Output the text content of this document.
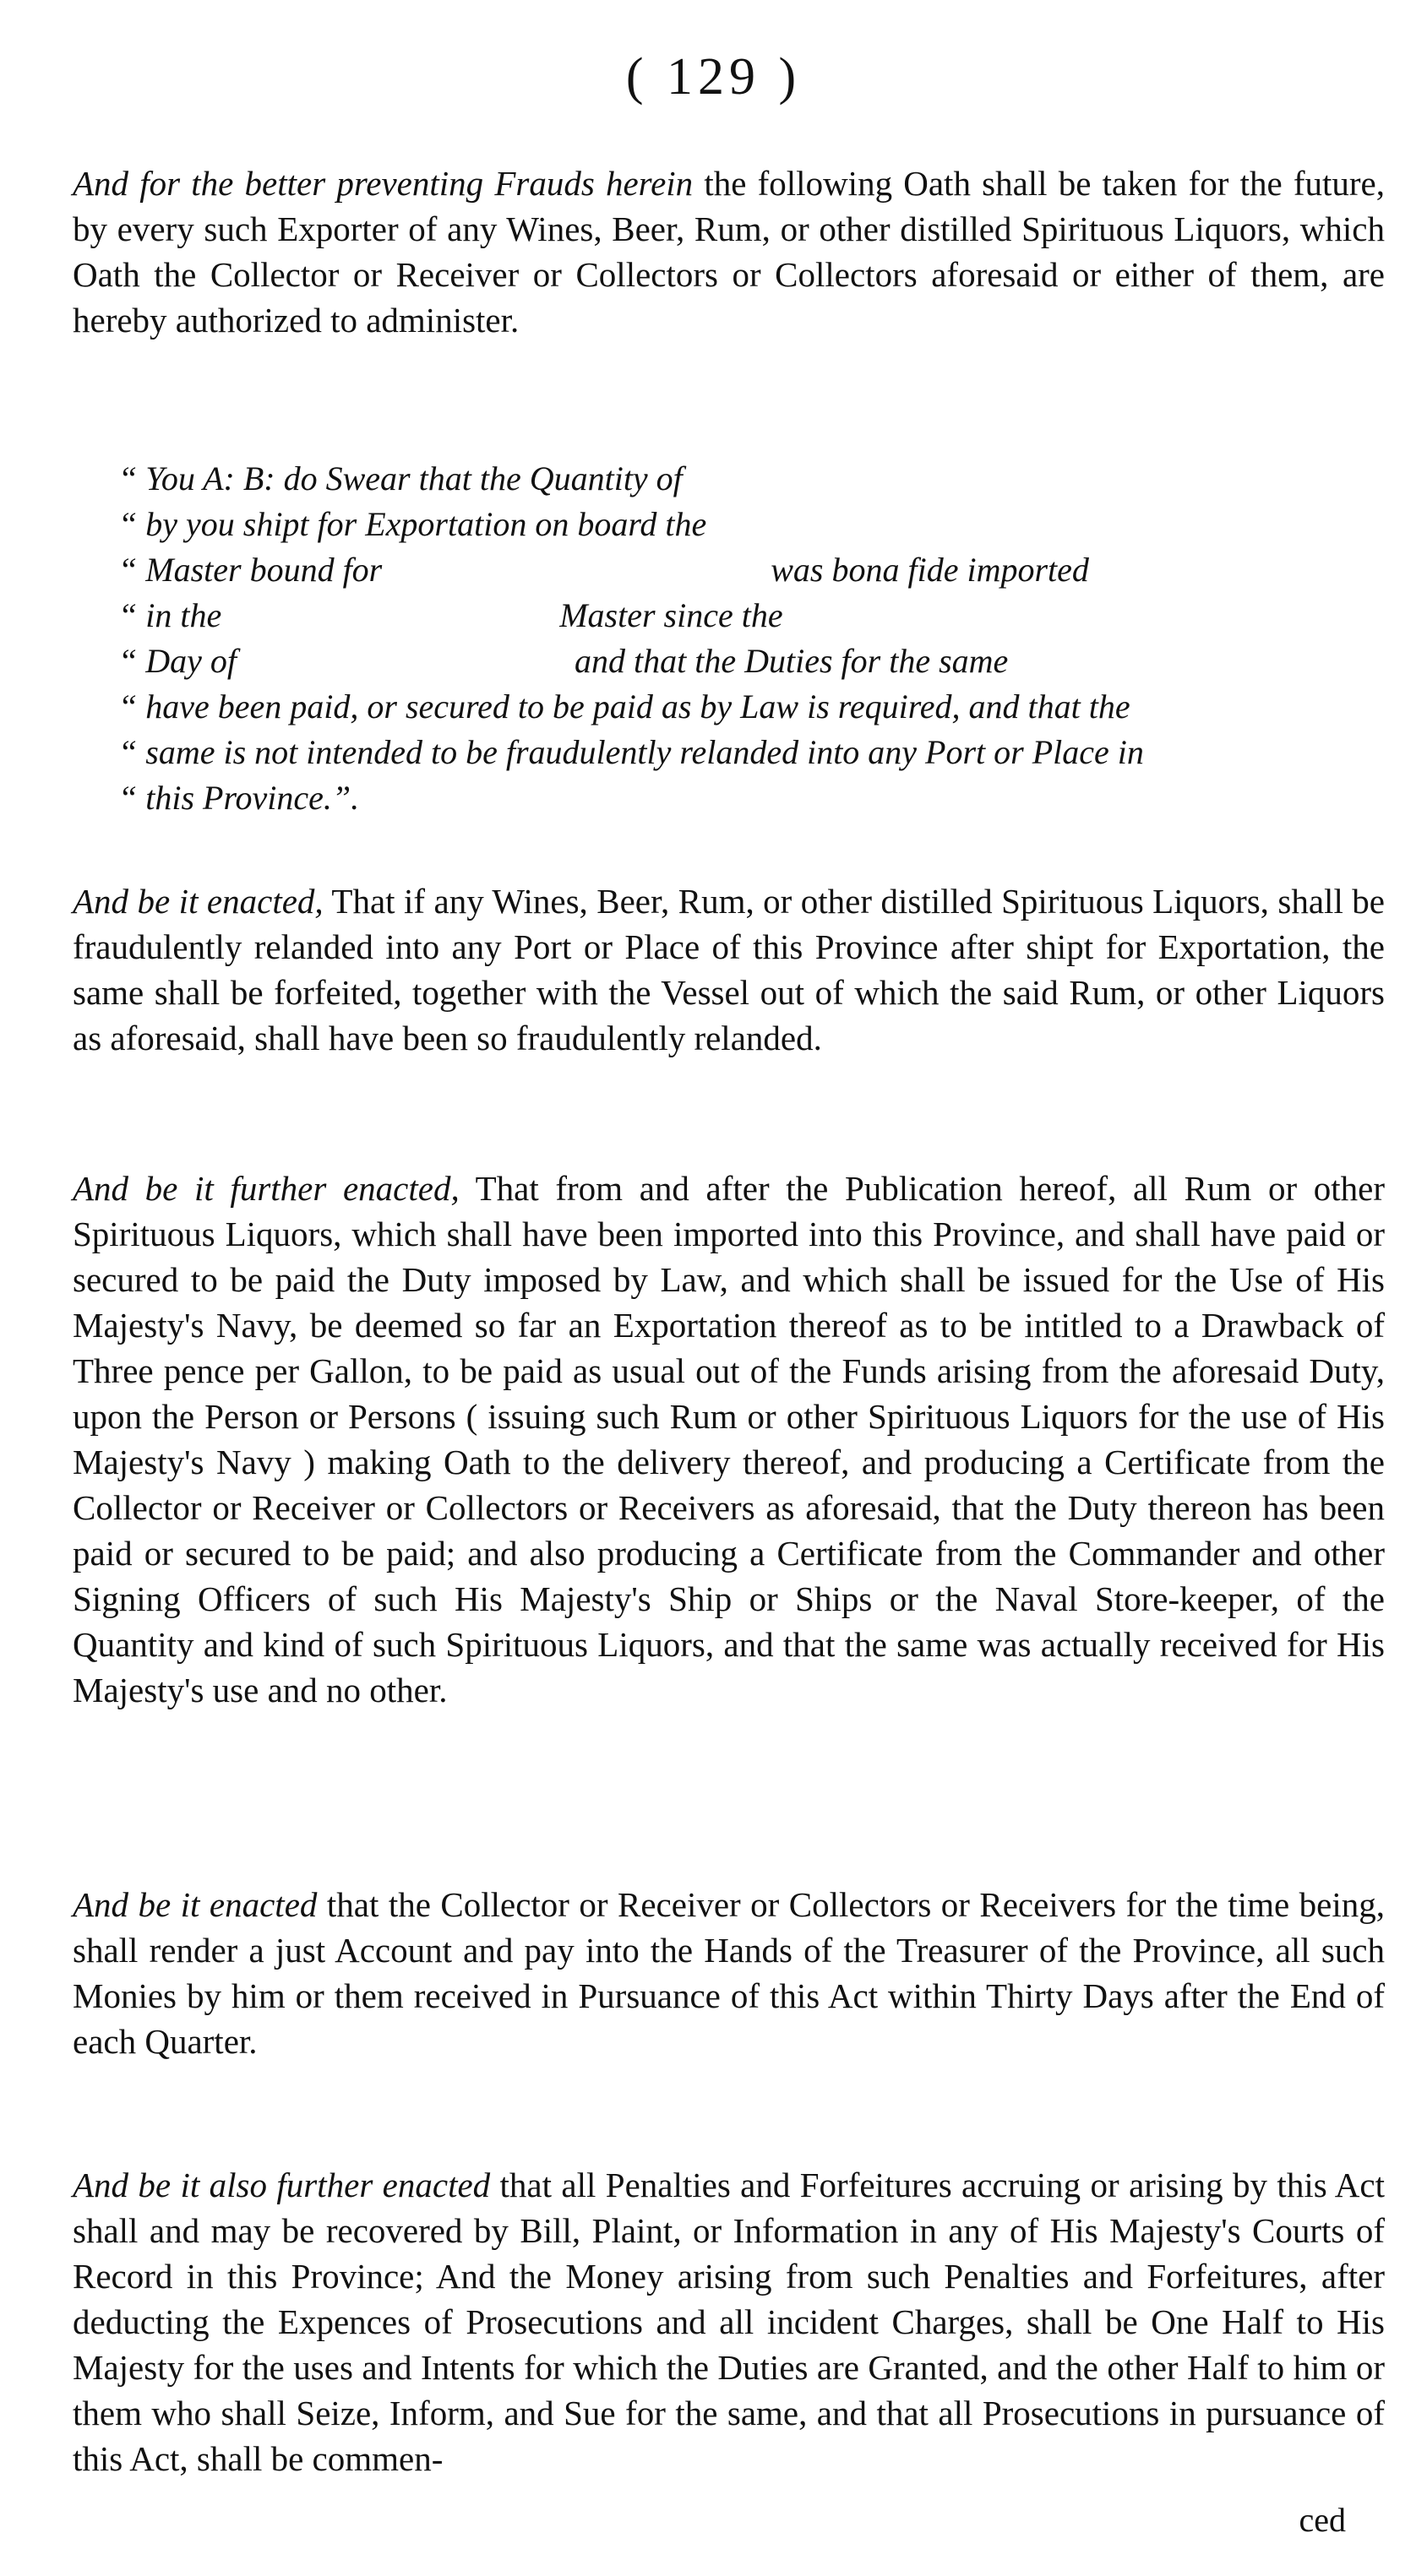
( 129 )

And for the better preventing Frauds herein the following Oath shall be taken for the future, by every such Exporter of any Wines, Beer, Rum, or other distilled Spirituous Liquors, which Oath the Collector or Receiver or Collectors or Collectors aforesaid or either of them, are hereby authorized to administer.

“ You A: B: do Swear that the Quantity of
“ by you shipt for Exportation on board the
“ Master bound for                                              was bona fide imported
“ in the                                        Master since the
“ Day of                                        and that the Duties for the same
“ have been paid, or secured to be paid as by Law is required, and that the
“ same is not intended to be fraudulently relanded into any Port or Place in
“ this Province.”.

And be it enacted, That if any Wines, Beer, Rum, or other distilled Spirituous Liquors, shall be fraudulently relanded into any Port or Place of this Province after shipt for Exportation, the same shall be forfeited, together with the Vessel out of which the said Rum, or other Liquors as aforesaid, shall have been so fraudulently relanded.

And be it further enacted, That from and after the Publication hereof, all Rum or other Spirituous Liquors, which shall have been imported into this Province, and shall have paid or secured to be paid the Duty imposed by Law, and which shall be issued for the Use of His Majesty's Navy, be deemed so far an Exportation thereof as to be intitled to a Drawback of Three pence per Gallon, to be paid as usual out of the Funds arising from the aforesaid Duty, upon the Person or Persons ( issuing such Rum or other Spirituous Liquors for the use of His Majesty's Navy ) making Oath to the delivery thereof, and producing a Certificate from the Collector or Receiver or Collectors or Receivers as aforesaid, that the Duty thereon has been paid or secured to be paid; and also producing a Certificate from the Commander and other Signing Officers of such His Majesty's Ship or Ships or the Naval Store-keeper, of the Quantity and kind of such Spirituous Liquors, and that the same was actually received for His Majesty's use and no other.

And be it enacted that the Collector or Receiver or Collectors or Receivers for the time being, shall render a just Account and pay into the Hands of the Treasurer of the Province, all such Monies by him or them received in Pursuance of this Act within Thirty Days after the End of each Quarter.

And be it also further enacted that all Penalties and Forfeitures accruing or arising by this Act shall and may be recovered by Bill, Plaint, or Information in any of His Majesty's Courts of Record in this Province; And the Money arising from such Penalties and Forfeitures, after deducting the Expences of Prosecutions and all incident Charges, shall be One Half to His Majesty for the uses and Intents for which the Duties are Granted, and the other Half to him or them who shall Seize, Inform, and Sue for the same, and that all Prosecutions in pursuance of this Act, shall be commen-

ced
